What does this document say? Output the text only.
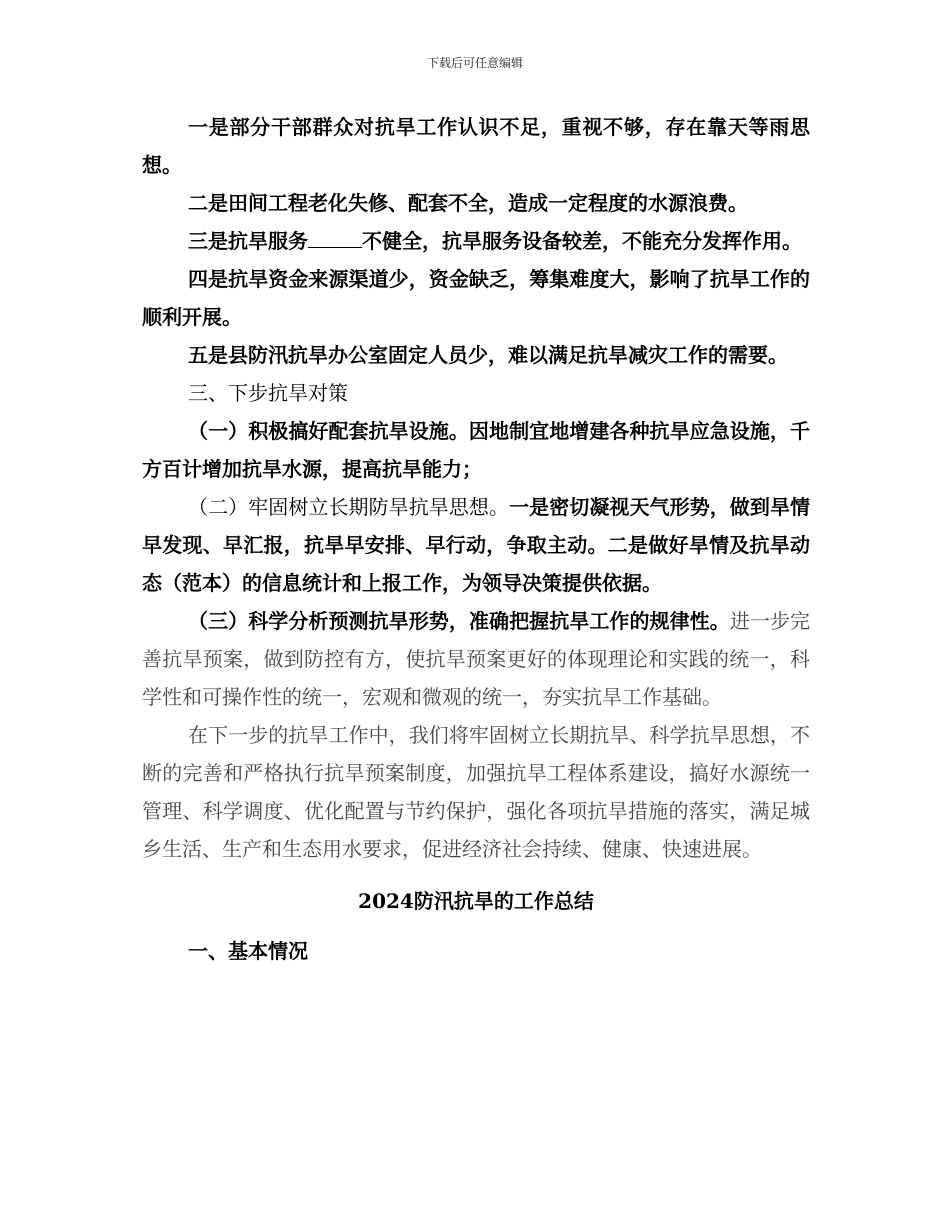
下载后可任意编辑

一是部分干部群众对抗旱工作认识不足，重视不够，存在靠天等雨思想。

二是田间工程老化失修、配套不全，造成一定程度的水源浪费。

三是抗旱服务	不健全，抗旱服务设备较差，不能充分发挥作用。

四是抗旱资金来源渠道少，资金缺乏，筹集难度大，影响了抗旱工作的顺利开展。

五是县防汛抗旱办公室固定人员少，难以满足抗旱减灾工作的需要。

三、下步抗旱对策

（一）积极搞好配套抗旱设施。因地制宜地增建各种抗旱应急设施，千方百计增加抗旱水源，提高抗旱能力；

（二）牢固树立长期防旱抗旱思想。一是密切凝视天气形势，做到旱情早发现、早汇报，抗旱早安排、早行动，争取主动。二是做好旱情及抗旱动态（范本）的信息统计和上报工作，为领导决策提供依据。

（三）科学分析预测抗旱形势，准确把握抗旱工作的规律性。进一步完善抗旱预案，做到防控有方，使抗旱预案更好的体现理论和实践的统一，科学性和可操作性的统一，宏观和微观的统一，夯实抗旱工作基础。

在下一步的抗旱工作中，我们将牢固树立长期抗旱、科学抗旱思想，不断的完善和严格执行抗旱预案制度，加强抗旱工程体系建设，搞好水源统一管理、科学调度、优化配置与节约保护，强化各项抗旱措施的落实，满足城乡生活、生产和生态用水要求，促进经济社会持续、健康、快速进展。

2024防汛抗旱的工作总结

一、基本情况
